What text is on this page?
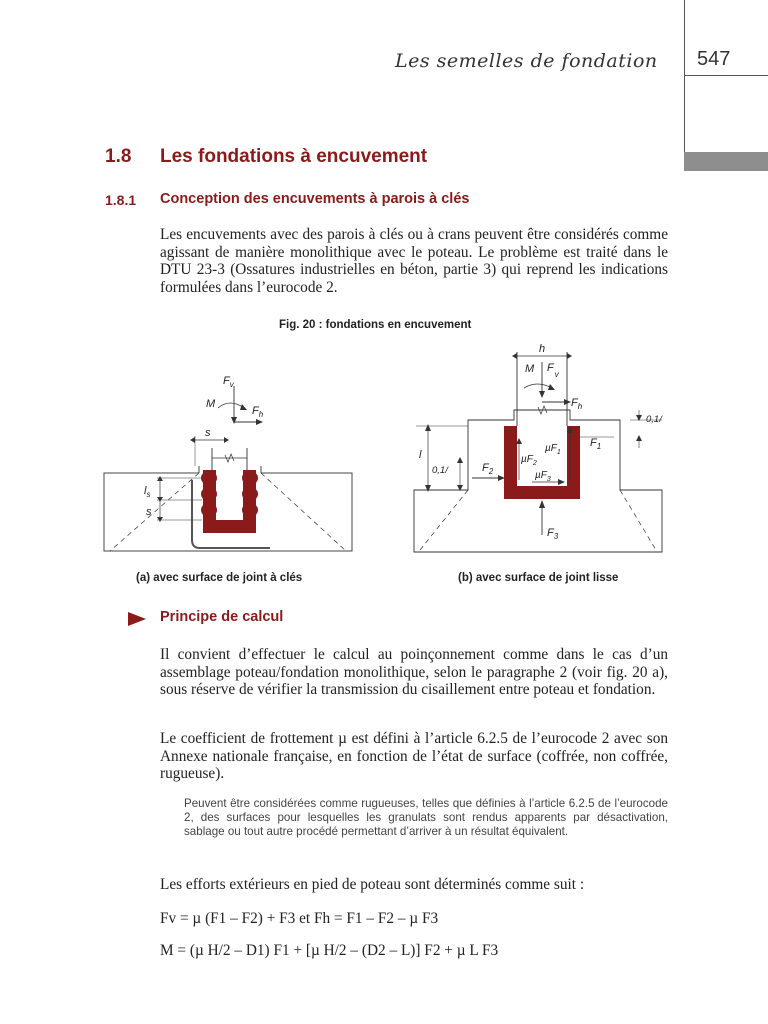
Les semelles de fondation 547
1.8 Les fondations à encuvement
1.8.1 Conception des encuvements à parois à clés
Les encuvements avec des parois à clés ou à crans peuvent être considérés comme agissant de manière monolithique avec le poteau. Le problème est traité dans le DTU 23-3 (Ossatures industrielles en béton, partie 3) qui reprend les indications formulées dans l’eurocode 2.
Fig. 20 : fondations en encuvement
$F_v$
M
$F_h$
s
$l_s$
s
h
$F_v$
M
$F_h$
l
0,1/
0,1/
$F_1$
$F_2$
µF$_1$
µF$_2$
µF$_3$
$F_3$
(a) avec surface de joint à clés	(b) avec surface de joint lisse
Principe de calcul
Il convient d’effectuer le calcul au poinçonnement comme dans le cas d’un assemblage poteau/fondation monolithique, selon le paragraphe 2 (voir fig. 20 a), sous réserve de vérifier la transmission du cisaillement entre poteau et fondation.
Le coefficient de frottement µ est défini à l’article 6.2.5 de l’eurocode 2 avec son Annexe nationale française, en fonction de l’état de surface (coffrée, non coffrée, rugueuse).
Peuvent être considérées comme rugueuses, telles que définies à l’article 6.2.5 de l’eurocode 2, des surfaces pour lesquelles les granulats sont rendus apparents par désactivation, sablage ou tout autre procédé permettant d’arriver à un résultat équivalent.
Les efforts extérieurs en pied de poteau sont déterminés comme suit :
Fv = µ (F1 – F2) + F3 et Fh = F1 – F2 – µ F3
M = (µ H/2 – D1) F1 + [µ H/2 – (D2 – L)] F2 + µ L F3
